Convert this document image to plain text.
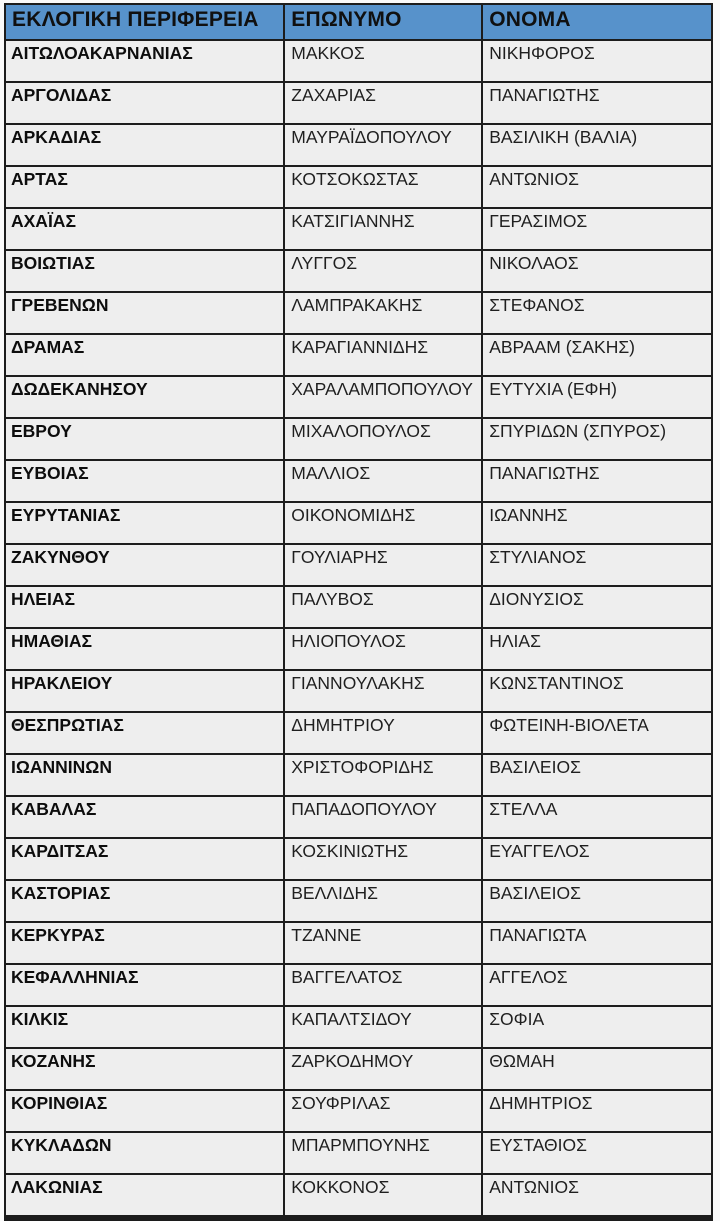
ΕΚΛΟΓΙΚΗ ΠΕΡΙΦΕΡΕΙΑ	ΕΠΩΝΥΜΟ	ΟΝΟΜΑ
ΑΙΤΩΛΟΑΚΑΡΝΑΝΙΑΣ	ΜΑΚΚΟΣ	ΝΙΚΗΦΟΡΟΣ
ΑΡΓΟΛΙΔΑΣ	ΖΑΧΑΡΙΑΣ	ΠΑΝΑΓΙΩΤΗΣ
ΑΡΚΑΔΙΑΣ	ΜΑΥΡΑΪΔΟΠΟΥΛΟΥ	ΒΑΣΙΛΙΚΗ (ΒΑΛΙΑ)
ΑΡΤΑΣ	ΚΟΤΣΟΚΩΣΤΑΣ	ΑΝΤΩΝΙΟΣ
ΑΧΑΪΑΣ	ΚΑΤΣΙΓΙΑΝΝΗΣ	ΓΕΡΑΣΙΜΟΣ
ΒΟΙΩΤΙΑΣ	ΛΥΓΓΟΣ	ΝΙΚΟΛΑΟΣ
ΓΡΕΒΕΝΩΝ	ΛΑΜΠΡΑΚΑΚΗΣ	ΣΤΕΦΑΝΟΣ
ΔΡΑΜΑΣ	ΚΑΡΑΓΙΑΝΝΙΔΗΣ	ΑΒΡΑΑΜ (ΣΑΚΗΣ)
ΔΩΔΕΚΑΝΗΣΟΥ	ΧΑΡΑΛΑΜΠΟΠΟΥΛΟΥ	ΕΥΤΥΧΙΑ (ΕΦΗ)
ΕΒΡΟΥ	ΜΙΧΑΛΟΠΟΥΛΟΣ	ΣΠΥΡΙΔΩΝ (ΣΠΥΡΟΣ)
ΕΥΒΟΙΑΣ	ΜΑΛΛΙΟΣ	ΠΑΝΑΓΙΩΤΗΣ
ΕΥΡΥΤΑΝΙΑΣ	ΟΙΚΟΝΟΜΙΔΗΣ	ΙΩΑΝΝΗΣ
ΖΑΚΥΝΘΟΥ	ΓΟΥΛΙΑΡΗΣ	ΣΤΥΛΙΑΝΟΣ
ΗΛΕΙΑΣ	ΠΑΛΥΒΟΣ	ΔΙΟΝΥΣΙΟΣ
ΗΜΑΘΙΑΣ	ΗΛΙΟΠΟΥΛΟΣ	ΗΛΙΑΣ
ΗΡΑΚΛΕΙΟΥ	ΓΙΑΝΝΟΥΛΑΚΗΣ	ΚΩΝΣΤΑΝΤΙΝΟΣ
ΘΕΣΠΡΩΤΙΑΣ	ΔΗΜΗΤΡΙΟΥ	ΦΩΤΕΙΝΗ-ΒΙΟΛΕΤΑ
ΙΩΑΝΝΙΝΩΝ	ΧΡΙΣΤΟΦΟΡΙΔΗΣ	ΒΑΣΙΛΕΙΟΣ
ΚΑΒΑΛΑΣ	ΠΑΠΑΔΟΠΟΥΛΟΥ	ΣΤΕΛΛΑ
ΚΑΡΔΙΤΣΑΣ	ΚΟΣΚΙΝΙΩΤΗΣ	ΕΥΑΓΓΕΛΟΣ
ΚΑΣΤΟΡΙΑΣ	ΒΕΛΛΙΔΗΣ	ΒΑΣΙΛΕΙΟΣ
ΚΕΡΚΥΡΑΣ	ΤΖΑΝΝΕ	ΠΑΝΑΓΙΩΤΑ
ΚΕΦΑΛΛΗΝΙΑΣ	ΒΑΓΓΕΛΑΤΟΣ	ΑΓΓΕΛΟΣ
ΚΙΛΚΙΣ	ΚΑΠΑΛΤΣΙΔΟΥ	ΣΟΦΙΑ
ΚΟΖΑΝΗΣ	ΖΑΡΚΟΔΗΜΟΥ	ΘΩΜΑΗ
ΚΟΡΙΝΘΙΑΣ	ΣΟΥΦΡΙΛΑΣ	ΔΗΜΗΤΡΙΟΣ
ΚΥΚΛΑΔΩΝ	ΜΠΑΡΜΠΟΥΝΗΣ	ΕΥΣΤΑΘΙΟΣ
ΛΑΚΩΝΙΑΣ	ΚΟΚΚΟΝΟΣ	ΑΝΤΩΝΙΟΣ
